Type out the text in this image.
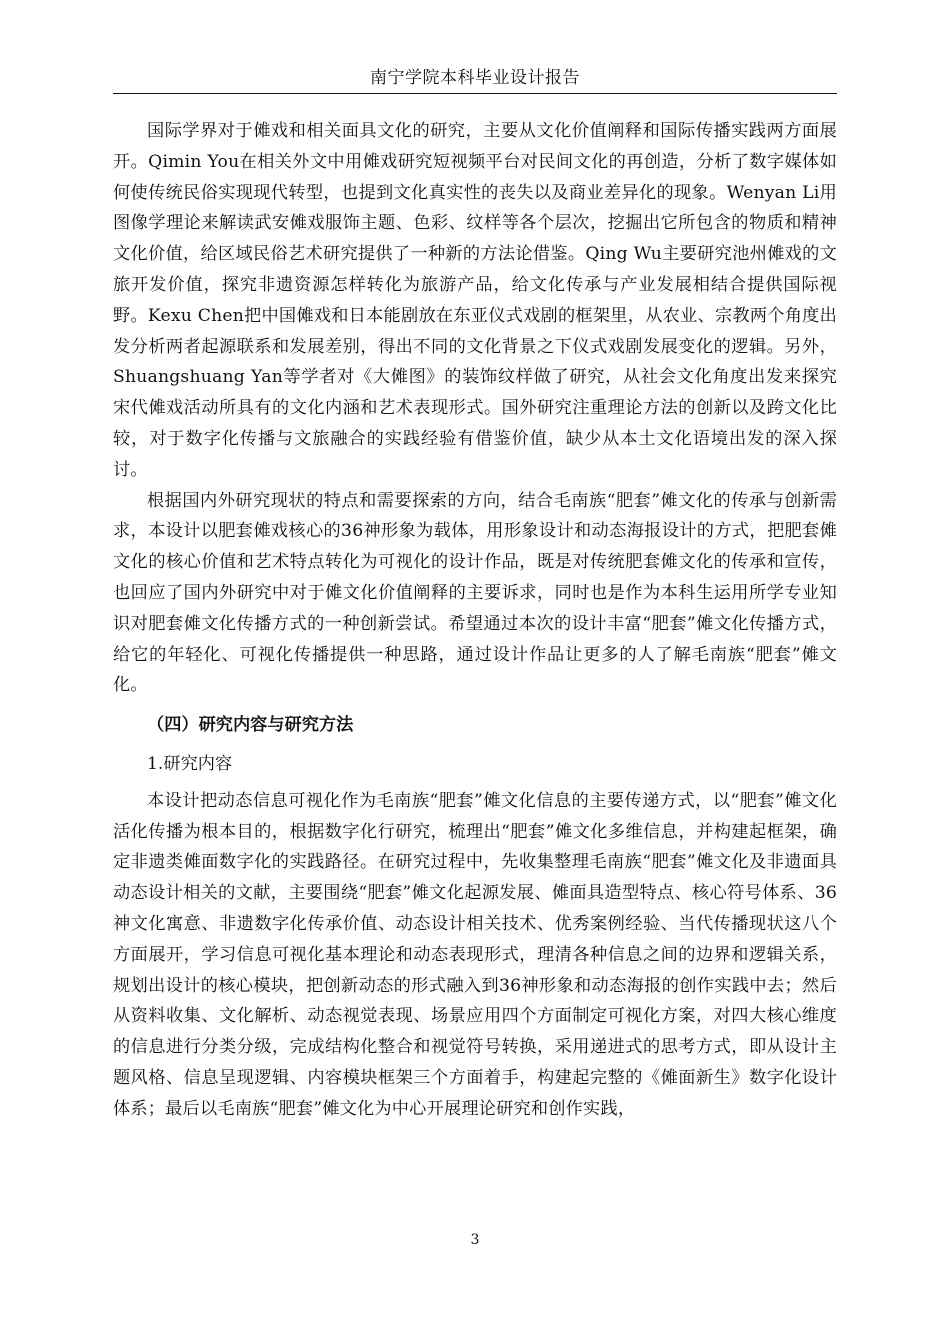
南宁学院本科毕业设计报告

国际学界对于傩戏和相关面具文化的研究，主要从文化价值阐释和国际传播实践两方面展开。Qimin You在相关外文中用傩戏研究短视频平台对民间文化的再创造，分析了数字媒体如何使传统民俗实现现代转型，也提到文化真实性的丧失以及商业差异化的现象。Wenyan Li用图像学理论来解读武安傩戏服饰主题、色彩、纹样等各个层次，挖掘出它所包含的物质和精神文化价值，给区域民俗艺术研究提供了一种新的方法论借鉴。Qing Wu主要研究池州傩戏的文旅开发价值，探究非遗资源怎样转化为旅游产品，给文化传承与产业发展相结合提供国际视野。Kexu Chen把中国傩戏和日本能剧放在东亚仪式戏剧的框架里，从农业、宗教两个角度出发分析两者起源联系和发展差别，得出不同的文化背景之下仪式戏剧发展变化的逻辑。另外，Shuangshuang Yan等学者对《大傩图》的装饰纹样做了研究，从社会文化角度出发来探究宋代傩戏活动所具有的文化内涵和艺术表现形式。国外研究注重理论方法的创新以及跨文化比较，对于数字化传播与文旅融合的实践经验有借鉴价值，缺少从本土文化语境出发的深入探讨。

根据国内外研究现状的特点和需要探索的方向，结合毛南族“肥套”傩文化的传承与创新需求，本设计以肥套傩戏核心的36神形象为载体，用形象设计和动态海报设计的方式，把肥套傩文化的核心价值和艺术特点转化为可视化的设计作品，既是对传统肥套傩文化的传承和宣传，也回应了国内外研究中对于傩文化价值阐释的主要诉求，同时也是作为本科生运用所学专业知识对肥套傩文化传播方式的一种创新尝试。希望通过本次的设计丰富“肥套”傩文化传播方式，给它的年轻化、可视化传播提供一种思路，通过设计作品让更多的人了解毛南族“肥套”傩文化。

（四）研究内容与研究方法

1.研究内容

本设计把动态信息可视化作为毛南族“肥套”傩文化信息的主要传递方式，以“肥套”傩文化活化传播为根本目的，根据数字化行研究，梳理出“肥套”傩文化多维信息，并构建起框架，确定非遗类傩面数字化的实践路径。在研究过程中，先收集整理毛南族“肥套”傩文化及非遗面具动态设计相关的文献，主要围绕“肥套”傩文化起源发展、傩面具造型特点、核心符号体系、36神文化寓意、非遗数字化传承价值、动态设计相关技术、优秀案例经验、当代传播现状这八个方面展开，学习信息可视化基本理论和动态表现形式，理清各种信息之间的边界和逻辑关系，规划出设计的核心模块，把创新动态的形式融入到36神形象和动态海报的创作实践中去；然后从资料收集、文化解析、动态视觉表现、场景应用四个方面制定可视化方案，对四大核心维度的信息进行分类分级，完成结构化整合和视觉符号转换，采用递进式的思考方式，即从设计主题风格、信息呈现逻辑、内容模块框架三个方面着手，构建起完整的《傩面新生》数字化设计体系；最后以毛南族“肥套”傩文化为中心开展理论研究和创作实践，

3
